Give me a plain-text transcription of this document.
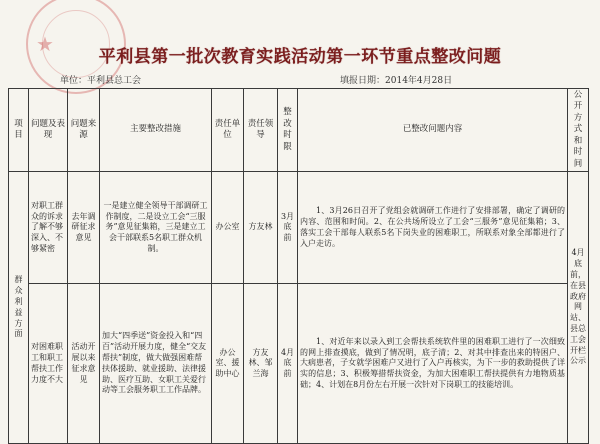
★
平利县第一批次教育实践活动第一环节重点整改问题
单位：平利县总工会	填报日期：2014年4月28日
项目	问题及表现	问题来源	主要整改措施	责任单位	责任领导	整改时限	已整改问题内容	公开方式和时间
群众利益方面	对职工群众的诉求了解不够深入、不够紧密	去年调研征求意见	一是建立健全领导干部调研工作制度，二是设立工会“三服务”意见征集箱，三是建立工会干部联系5名职工群众机制。	办公室	方友林	3月底前	1、3月26日召开了党组会就调研工作进行了安排部署，确定了调研的内容、范围和时间。2、在公共场所设立了工会“三服务”意见征集箱；3、落实工会干部每人联系5名下岗失业的困难职工，所联系对象全部都进行了入户走访。	4月底前，在县政府网站、县总工会开栏公示
	对困难职工和职工帮扶工作力度不大	活动开展以来征求意见	加大“四季送”资金投入和“四百”活动开展力度，健全“交友帮扶”制度，做大做强困难帮扶体援助、就业援助、法律援助、医疗互助、女职工关爱行动等工会服务职工工作品牌。	办公室、援助中心	方友林、邹兰海	4月底前	1、对近年来以录入到工会帮扶系统软件里的困难职工进行了一次细致的网上排查摸底，做到了情况明，底子清；2、对其中排查出来的特困户、大病患者，子女就学困难户又进行了入户再核实，为下一步的救助提供了详实的信息；3、积极筹措帮扶资金，为加大困难职工帮扶提供有力地物质基础；4、计划在8月份左右开展一次针对下岗职工的技能培训。	
